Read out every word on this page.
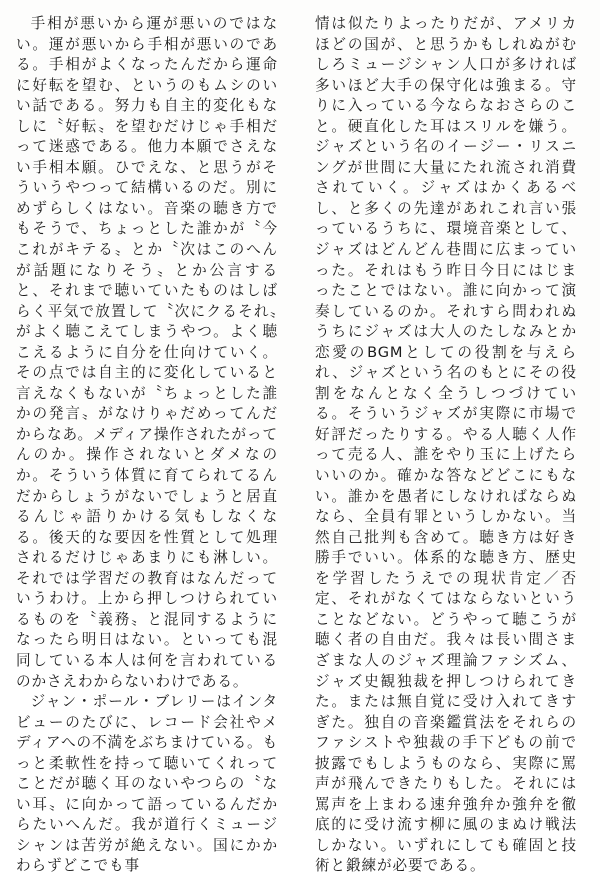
手相が悪いから運が悪いのではない。運が悪いから手相が悪いのである。手相がよくなったんだから運命に好転を望む、というのもムシのいい話である。努力も自主的変化もなしに〝好転〟を望むだけじゃ手相だって迷惑である。他力本願でさえない手相本願。ひでえな、と思うがそういうやつって結構いるのだ。別にめずらしくはない。音楽の聴き方でもそうで、ちょっとした誰かが〝今これがキテる〟とか〝次はこのへんが話題になりそう〟とか公言すると、それまで聴いていたものはしばらく平気で放置して〝次にクるそれ〟がよく聴こえてしまうやつ。よく聴こえるように自分を仕向けていく。その点では自主的に変化していると言えなくもないが〝ちょっとした誰かの発言〟がなけりゃだめってんだからなあ。メディア操作されたがってんのか。操作されないとダメなのか。そういう体質に育てられてるんだからしょうがないでしょうと居直るんじゃ語りかける気もしなくなる。後天的な要因を性質として処理されるだけじゃあまりにも淋しい。それでは学習だの教育はなんだっていうわけ。上から押しつけられているものを〝義務〟と混同するようになったら明日はない。といっても混同している本人は何を言われているのかさえわからないわけである。

ジャン・ポール・ブレリーはインタビューのたびに、レコード会社やメディアへの不満をぶちまけている。もっと柔軟性を持って聴いてくれってことだが聴く耳のないやつらの〝ない耳〟に向かって語っているんだからたいへんだ。我が道行くミュージシャンは苦労が絶えない。国にかかわらずどこでも事

情は似たりよったりだが、アメリカほどの国が、と思うかもしれぬがむしろミュージシャン人口が多ければ多いほど大手の保守化は強まる。守りに入っている今ならなおさらのこと。硬直化した耳はスリルを嫌う。ジャズという名のイージー・リスニングが世間に大量にたれ流され消費されていく。ジャズはかくあるべし、と多くの先達があれこれ言い張っているうちに、環境音楽として、ジャズはどんどん巷間に広まっていった。それはもう昨日今日にはじまったことではない。誰に向かって演奏しているのか。それすら問われぬうちにジャズは大人のたしなみとか恋愛のBGMとしての役割を与えられ、ジャズという名のもとにその役割をなんとなく全うしつづけている。そういうジャズが実際に市場で好評だったりする。やる人聴く人作って売る人、誰をやり玉に上げたらいいのか。確かな答などどこにもない。誰かを愚者にしなければならぬなら、全員有罪というしかない。当然自己批判も含めて。聴き方は好き勝手でいい。体系的な聴き方、歴史を学習したうえでの現状肯定／否定、それがなくてはならないということなどない。どうやって聴こうが聴く者の自由だ。我々は長い間さまざまな人のジャズ理論ファシズム、ジャズ史観独裁を押しつけられてきた。または無自覚に受け入れてきすぎた。独自の音楽鑑賞法をそれらのファシストや独裁の手下どもの前で披露でもしようものなら、実際に罵声が飛んできたりもした。それには罵声を上まわる速弁強弁か強弁を徹底的に受け流す柳に風のまぬけ戦法しかない。いずれにしても確固と技術と鍛練が必要である。
